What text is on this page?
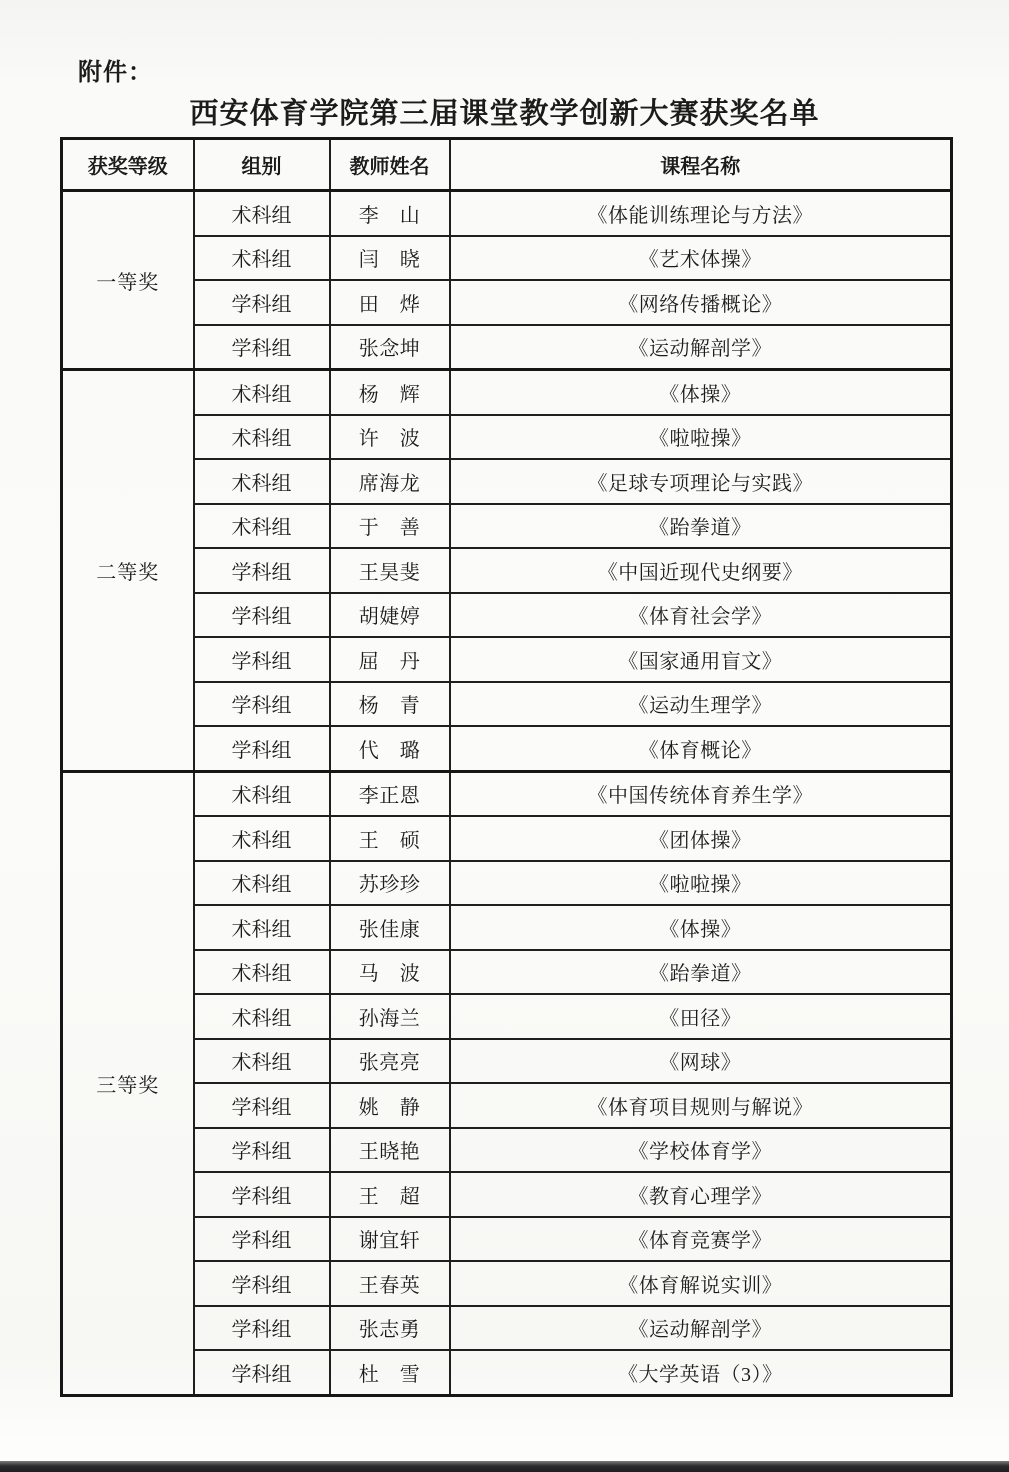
附件：
西安体育学院第三届课堂教学创新大赛获奖名单
获奖等级	组别	教师姓名	课程名称
一等奖	术科组	李　山	《体能训练理论与方法》
	术科组	闫　晓	《艺术体操》
	学科组	田　烨	《网络传播概论》
	学科组	张念坤	《运动解剖学》
二等奖	术科组	杨　辉	《体操》
	术科组	许　波	《啦啦操》
	术科组	席海龙	《足球专项理论与实践》
	术科组	于　善	《跆拳道》
	学科组	王昊斐	《中国近现代史纲要》
	学科组	胡婕婷	《体育社会学》
	学科组	屈　丹	《国家通用盲文》
	学科组	杨　青	《运动生理学》
	学科组	代　璐	《体育概论》
三等奖	术科组	李正恩	《中国传统体育养生学》
	术科组	王　硕	《团体操》
	术科组	苏珍珍	《啦啦操》
	术科组	张佳康	《体操》
	术科组	马　波	《跆拳道》
	术科组	孙海兰	《田径》
	术科组	张亮亮	《网球》
	学科组	姚　静	《体育项目规则与解说》
	学科组	王晓艳	《学校体育学》
	学科组	王　超	《教育心理学》
	学科组	谢宜轩	《体育竞赛学》
	学科组	王春英	《体育解说实训》
	学科组	张志勇	《运动解剖学》
	学科组	杜　雪	《大学英语（3）》
